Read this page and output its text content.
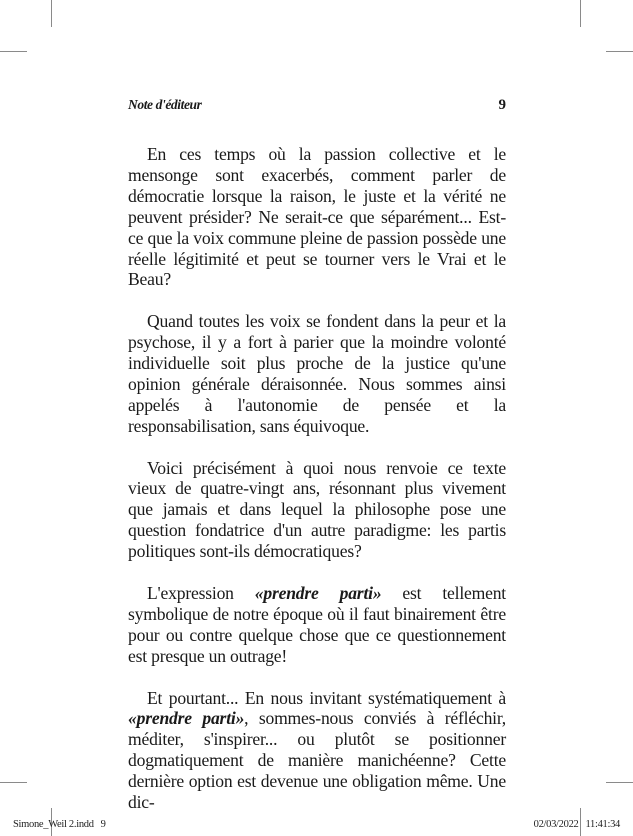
Note d'éditeur	9

En ces temps où la passion collective et le mensonge sont exacerbés, comment parler de démocratie lorsque la raison, le juste et la vérité ne peuvent présider? Ne serait-ce que séparément... Est-ce que la voix commune pleine de passion possède une réelle légitimité et peut se tourner vers le Vrai et le Beau?

Quand toutes les voix se fondent dans la peur et la psychose, il y a fort à parier que la moindre volonté individuelle soit plus proche de la justice qu'une opinion générale déraisonnée. Nous sommes ainsi appelés à l'autonomie de pensée et la responsabilisation, sans équivoque.

Voici précisément à quoi nous renvoie ce texte vieux de quatre-vingt ans, résonnant plus vivement que jamais et dans lequel la philosophe pose une question fondatrice d'un autre paradigme: les partis politiques sont-ils démocratiques?

L'expression «prendre parti» est tellement symbolique de notre époque où il faut binairement être pour ou contre quelque chose que ce questionnement est presque un outrage!

Et pourtant... En nous invitant systématiquement à «prendre parti», sommes-nous conviés à réfléchir, méditer, s'inspirer... ou plutôt se positionner dogmatiquement de manière manichéenne? Cette dernière option est devenue une obligation même. Une dic-

Simone_Weil 2.indd   9	02/03/2022   11:41:34
